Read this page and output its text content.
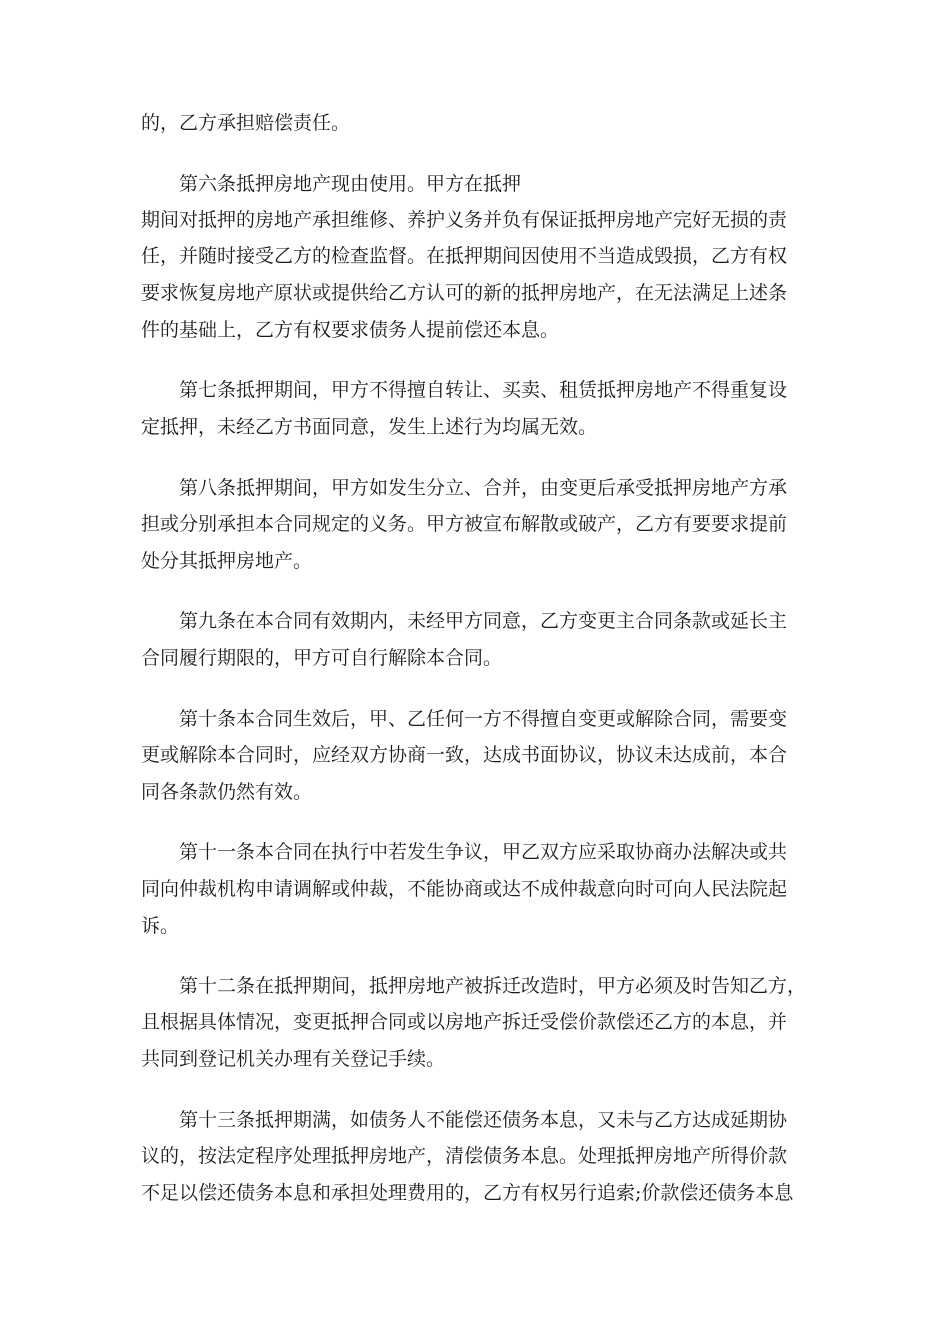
的，乙方承担赔偿责任。
第六条抵押房地产现由使用。甲方在抵押
期间对抵押的房地产承担维修、养护义务并负有保证抵押房地产完好无损的责
任，并随时接受乙方的检查监督。在抵押期间因使用不当造成毁损，乙方有权
要求恢复房地产原状或提供给乙方认可的新的抵押房地产，在无法满足上述条
件的基础上，乙方有权要求债务人提前偿还本息。
第七条抵押期间，甲方不得擅自转让、买卖、租赁抵押房地产不得重复设
定抵押，未经乙方书面同意，发生上述行为均属无效。
第八条抵押期间，甲方如发生分立、合并，由变更后承受抵押房地产方承
担或分别承担本合同规定的义务。甲方被宣布解散或破产，乙方有要要求提前
处分其抵押房地产。
第九条在本合同有效期内，未经甲方同意，乙方变更主合同条款或延长主
合同履行期限的，甲方可自行解除本合同。
第十条本合同生效后，甲、乙任何一方不得擅自变更或解除合同，需要变
更或解除本合同时，应经双方协商一致，达成书面协议，协议未达成前，本合
同各条款仍然有效。
第十一条本合同在执行中若发生争议，甲乙双方应采取协商办法解决或共
同向仲裁机构申请调解或仲裁，不能协商或达不成仲裁意向时可向人民法院起
诉。
第十二条在抵押期间，抵押房地产被拆迁改造时，甲方必须及时告知乙方，
且根据具体情况，变更抵押合同或以房地产拆迁受偿价款偿还乙方的本息，并
共同到登记机关办理有关登记手续。
第十三条抵押期满，如债务人不能偿还债务本息，又未与乙方达成延期协
议的，按法定程序处理抵押房地产，清偿债务本息。处理抵押房地产所得价款
不足以偿还债务本息和承担处理费用的，乙方有权另行追索;价款偿还债务本息
